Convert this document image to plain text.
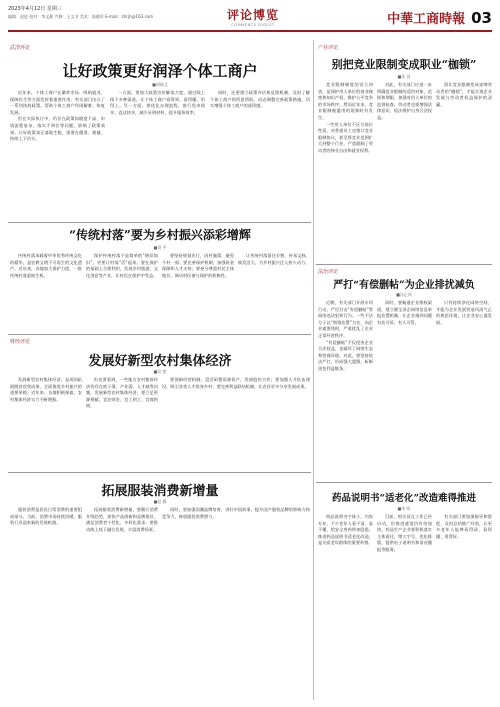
2023年4月12日 星期三
编辑：赵进 校对：李文静 汽修：王文书 美术：陆晓军 E-mail：zhrjh@163.com	评论博览
COMMENTS DIGEST	中華工商時報 03
武清环论	产业评论
法治评论
财经评论
让好政策更好润泽个体工商户
■胡斌文

近年来，个体工商户在繁荣市场、吸纳就业、保障民生等方面发挥着重要作用。有关部门出台了一系列扶持政策，帮助个体工商户纾困解难、恢复发展。

但在实际执行中，仍存在政策知晓度不高、申请流程复杂、落实不到位等问题，影响了政策效果。让好政策真正落地生根，需要在精准、便捷、持续上下功夫。

一方面，要加大政策宣传解读力度，通过线上线下多种渠道，让个体工商户看得到、看得懂、用得上。另一方面，要优化办理流程，推行免申即享、直达快享，减少证明材料，提升服务效率。

同时，还要建立政策评估和反馈机制，及时了解个体工商户的所思所盼，动态调整完善政策措施，切实增强个体工商户的获得感。

“传统村落”要为乡村振兴添彩增辉
■刘 平

传统村落承载着中华优秀传统文化的精华，是农耕文明不可再生的文化遗产。近年来，各地加大保护力度，一批传统村落重焕生机。

保护传统村落不是简单的“修旧如旧”，更要让村落“活”起来。要在保护的基础上合理利用，发展乡村旅游、文化创意等产业，让村民在保护中受益。

要坚持规划先行，因村施策，避免千村一面；要完善保护机制，加强资金保障和人才支持；要充分尊重村民主体地位，调动村民参与保护的积极性。

让传统村落留住乡愁、传承文脉、焕发活力，为乡村振兴注入持久动力。

发展好新型农村集体经济
■吴 凯

发展新型农村集体经济，是巩固拓展脱贫攻坚成果、全面推进乡村振兴的重要举措。近年来，各地积极探索，农村集体经济实力不断增强。

但也要看到，一些地方农村集体经济仍存在底子薄、产业弱、人才缺等问题。发展新型农村集体经济，要立足资源禀赋，宜农则农、宜工则工、宜商则商。

要创新经营机制，盘活闲置资源资产，发展股份合作；要加强人才队伍建设，吸引各类人才投身乡村；要完善利益联结机制，让农民更多分享发展成果。

拓展服装消费新增量
■赵 静

服装消费是居民日常消费的重要组成部分。当前，消费市场持续回暖，服装行业迎来新的发展机遇。

拓展服装消费新增量，要顺应消费升级趋势，加快产品创新和品牌建设，满足消费者个性化、多样化需求；要推动线上线下融合发展，丰富消费场景。

同时，要加强国潮品牌培育，讲好中国故事，提升国产服装品牌的影响力和竞争力，释放服装消费潜力。

别把竞业限制变成职业“枷锁”
■张 蓉

竞业限制制度的设立初衷，是保护用人单位的商业秘密和知识产权，维护公平竞争的市场秩序。然而近年来，竞业限制被滥用的现象时有发生。

一些用人单位不区分岗位性质，对普通员工也签订竞业限制协议，甚至将竞业范围扩大到整个行业，严重限制了劳动者的择业自由和就业权利。

对此，有关部门应进一步明确竞业限制的适用对象、范围和期限，加强对用人单位的监督检查。劳动者也要增强法律意识，依法维护自身合法权益。

别让竞业限制变成束缚劳动者的“枷锁”，才能实现企业发展与劳动者权益保护的双赢。

严打“有偿删帖”为企业排扰减负
■冯正风

近期，有关部门开展专项行动，严厉打击“有偿删帖”等网络违法犯罪行为。一些不法分子以“舆情处置”为名，向企业索要钱财，严重扰乱了企业正常经营秩序。

“有偿删帖”不仅侵害企业合法权益，也破坏了网络生态和营商环境。对此，要坚持依法严打，形成强大震慑，斩断黑色利益链条。

同时，要畅通企业维权渠道，建立健全涉企网络信息举报处置机制，让企业遇到问题有处可诉、有人可管。

只有持续净化网络空间，才能为企业发展营造风清气正的舆论环境，让企业安心谋发展。

药品说明书“适老化”改造难得推进
■李 明

药品说明书字体小、内容专业，不少老年人看不清、看不懂，给安全用药带来隐患。推进药品说明书适老化改造，是关爱老年群体的重要举措。

目前，相关试点工作已经启动，但推进速度仍有待加快。药品生产企业要积极落实主体责任，增大字号、优化排版，提供电子说明书和语音播报等服务。

有关部门要加强指导和督促，及时总结推广经验，让更多老年人能够看得清、看得懂、用得好。
